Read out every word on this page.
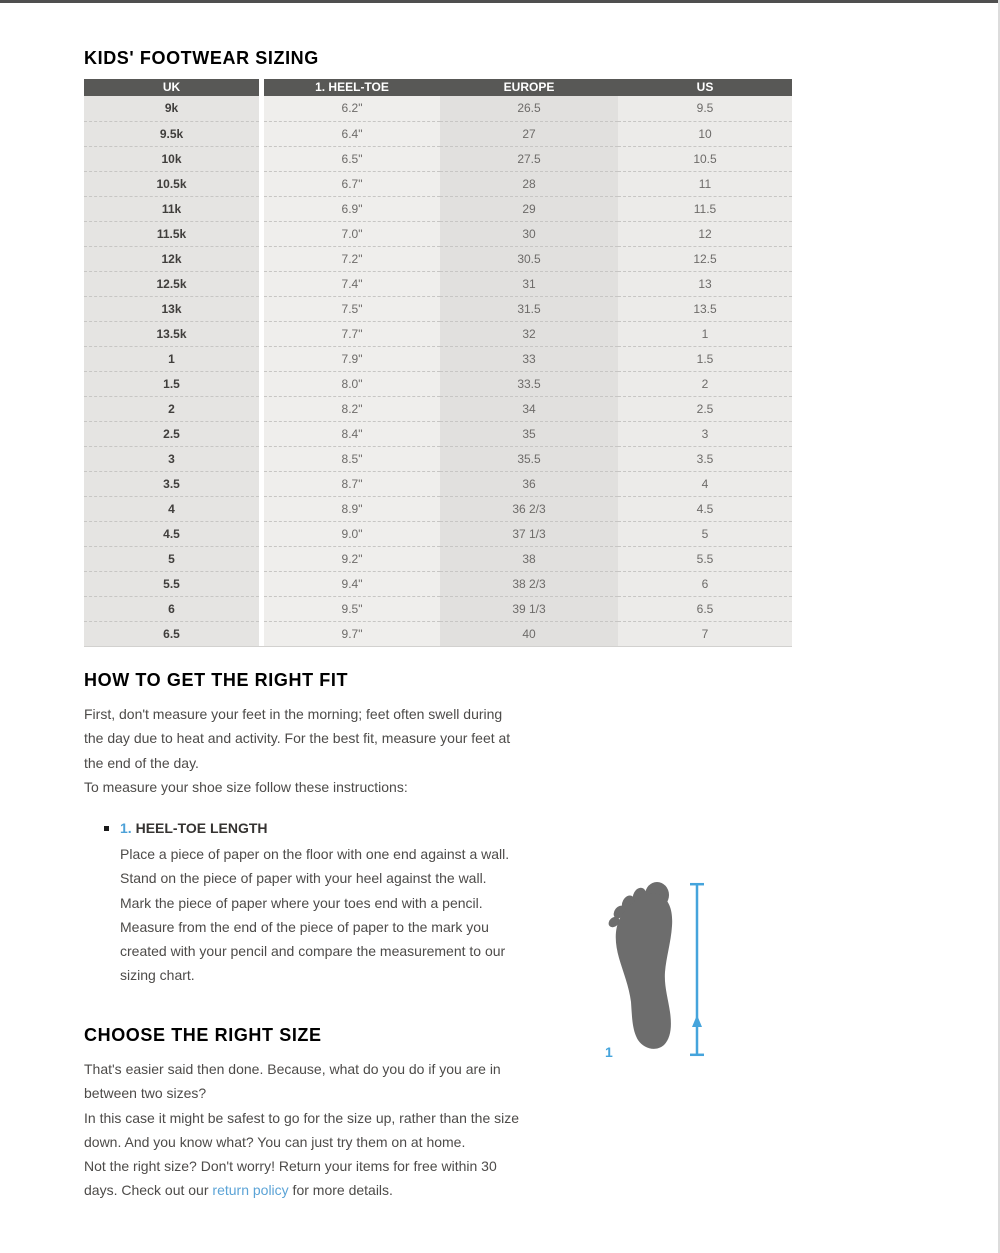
KIDS' FOOTWEAR SIZING
UK	1. HEEL-TOE	EUROPE	US
9k	6.2"	26.5	9.5
9.5k	6.4"	27	10
10k	6.5"	27.5	10.5
10.5k	6.7"	28	11
11k	6.9"	29	11.5
11.5k	7.0"	30	12
12k	7.2"	30.5	12.5
12.5k	7.4"	31	13
13k	7.5"	31.5	13.5
13.5k	7.7"	32	1
1	7.9"	33	1.5
1.5	8.0"	33.5	2
2	8.2"	34	2.5
2.5	8.4"	35	3
3	8.5"	35.5	3.5
3.5	8.7"	36	4
4	8.9"	36 2/3	4.5
4.5	9.0"	37 1/3	5
5	9.2"	38	5.5
5.5	9.4"	38 2/3	6
6	9.5"	39 1/3	6.5
6.5	9.7"	40	7
HOW TO GET THE RIGHT FIT

First, don't measure your feet in the morning; feet often swell during the day due to heat and activity. For the best fit, measure your feet at the end of the day.

To measure your shoe size follow these instructions:

1. HEEL-TOE LENGTH
Place a piece of paper on the floor with one end against a wall.
Stand on the piece of paper with your heel against the wall.
Mark the piece of paper where your toes end with a pencil.
Measure from the end of the piece of paper to the mark you created with your pencil and compare the measurement to our sizing chart.
1
CHOOSE THE RIGHT SIZE

That's easier said then done. Because, what do you do if you are in between two sizes?

In this case it might be safest to go for the size up, rather than the size down. And you know what? You can just try them on at home.

Not the right size? Don't worry! Return your items for free within 30 days. Check out our return policy for more details.
